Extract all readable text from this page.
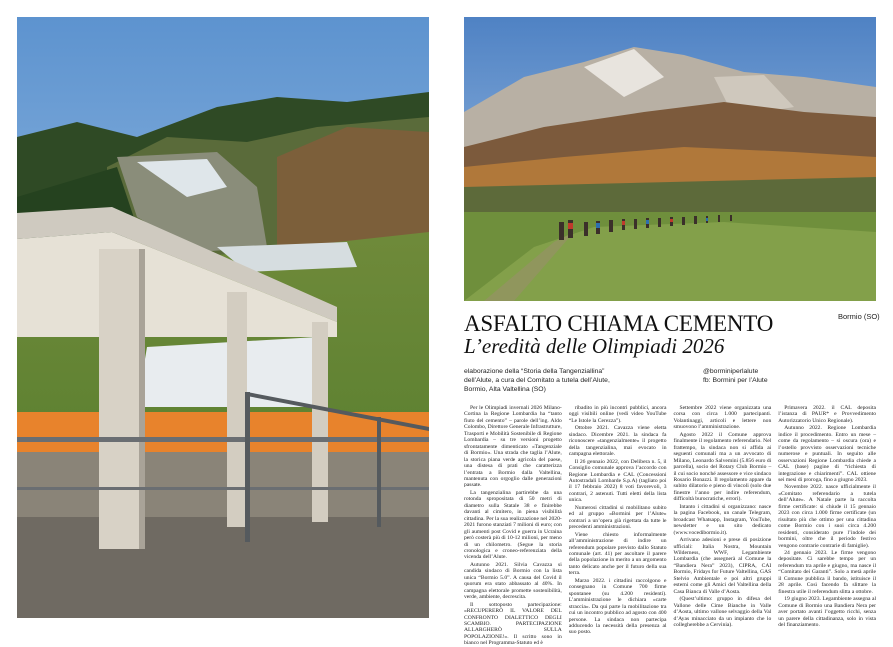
Bormio (SO)
ASFALTO CHIAMA CEMENTO
L’eredità delle Olimpiadi 2026
elaborazione della “Storia della Tangenziallina”
dell’Alute, a cura del Comitato a tutela dell’Alute,
Bormio, Alta Valtellina (SO)
@borminiperlalute
fb: Bormini per l’Alute

Per le Olimpiadi invernali 2026 Milano-Cortina la Regione Lombardia ha “tanto fiuto del cemento” – parole dell’ing. Aldo Colombo, Direttore Generale Infrastrutture, Trasporti e Mobilità Sostenibile di Regione Lombardia – su tre versioni progetto sfrontatamente dimenticato «Tangenziale di Bormio». Una strada che taglia l’Alute, la storica piana verde agricola del paese, una distesa di prati che caratterizza l’entrata a Bormio dalla Valtellina, mantenuta con orgoglio dalle generazioni passate.

La tangenzialina partirebbe da una rotonda spropositata di 50 metri di diametro sulla Statale 38 e finirebbe davanti al cimitero, in piena visibilità cittadina. Per la sua realizzazione nel 2020-2021 furono stanziati 7 milioni di euro; con gli aumenti post Covid e guerra in Ucraina però costerà più di 10-12 milioni, per meno di un chilometro. (Segue la storia cronologica e croneo-referenziata della vicenda dell’Alute.

Autunno 2021. Silvia Cavazza si candida sindaco di Bormio con la lista unica “Bormio 5.0”. A causa del Covid il quorum era stato abbassato al 40%. In campagna elettorale promette sostenibilità, verde, ambiente, decrescita.

Il sottoposto partecipazione: «RECUPERERÒ IL VALORE DEL CONFRONTO DIALETTICO DEGLI SCAMBIO. PARTECIPAZIONE ALLARGHERÒ SULLA POPOLAZIONE!». Il scritto sono in bianco nel Programma-Statuto ed è

ribadito in più incontri pubblici, ancora oggi visibili online (vedi video YouTube “Le Istole la Cerezza”).

Ottobre 2021. Cavazza viene eletta sindaco. Dicembre 2021. la sindaca fa riconoscere «tangenzialmente» il progetto della tangenzialina, mai evocato in campagna elettorale.

Il 26 gennaio 2022, con Delibera n. 5, il Consiglio comunale approva l’accordo con Regione Lombardia e CAL (Concessioni Autostradali Lombarde S.p.A) (tagliato poi il 17 febbraio 2022) 8 voti favorevoli, 3 contrari, 2 astenuti. Tutti eletti della lista unica.

Numerosi cittadini si mobilitano subito ed al gruppo «Bormini per l’Alute» contrari a un’opera già rigettata da tutte le precedenti amministrazioni.

Viene chiesto informalmente all’amministrazione di indire un referendum popolare previsto dallo Statuto comunale (art. 41) per ascoltare il parere della popolazione in merito a un argomento tanto delicato anche per il futuro della sua terra.

Marzo 2022. i cittadini raccolgono e consegnano in Comune 700 firme spontanee (su 4.200 residenti). L’amministrazione le dichiara «carte straccia». Da qui parte la mobilitazione tra cui un incontro pubblico ad agosto con 400 persone. La sindaca non partecipa adducendo la necessità della presenza al suo posto.

Settembre 2022 viene organizzata una corsa con circa 1.000 partecipanti. Volantinaggi, articoli e lettere non smuovono l’amministrazione.

Agosto 2022 il Comune approva finalmente il regolamento referendario. Nel frattempo, la sindaca non si affida ai seguenti comunali ma a un avvocato di Milano, Leonardo Salvemini (5.856 euro di parcella), socio del Rotary Club Bormio – il cui socio nonché assessore e vice sindaco Rosario Bonazzi. Il regolamento appare da subito dilatorio e pieno di vincoli (solo due finestre l’anno per indire referendum, difficoltà burocratiche, errori).

Intanto i cittadini si organizzano: nasce la pagina Facebook, un canale Telegram, broadcast Whatsapp, Instagram, YouTube, newsletter e un sito dedicato (www.vocedibormio.it).

Arrivano adesioni e prese di posizione ufficiali: Italia Nostra, Mountain Wilderness, WWF, Legambiente Lombardia (che assegnerà al Comune la “Bandiera Nera” 2023), CIPRA, CAI Bormio, Fridays for Future Valtellina, GAS Stelvio Ambientale e poi altri gruppi esterni come gli Amici del Valtellina della Casa Bianca di Valle d’Aosta.

(Quest’ultimo: gruppo in difesa del Vallone delle Cime Bianche in Valle d’Aosta, ultimo vallone selvaggio della Val d’Ayas minacciato da un impianto che lo collegherebbe a Cervinia).

Primavera 2022. il CAL deposita l’istanza di PAUR* e Provvedimento Autorizzatorio Unico Regionale).

Autunno 2022. Regione Lombardia indice il procedimento. Entro un mese – come da regolamento – si oscura (ora) e l’ostello provvisto osservazioni tecniche numerose e puntuali. In seguito alle osservazioni Regione Lombardia chiede a CAL (base) pagine di “richiesta di integrazione e chiarimenti”. CAL ottiene sei mesi di proroga, fino a giugno 2023.

Novembre 2022. nasce ufficialmente il «Comitato referendario a tutela dell’Alute». A Natale parte la raccolta firme certificate: si chiude il 15 gennaio 2023 con circa 1.000 firme certificate (un risultato più che ottimo per una cittadina come Bormio con i suoi circa 4.200 residenti, considerato pure l’indole dei bormini, oltre che il periodo festivo vengono contrarie contrarie di famiglie).

24 gennaio 2023. Le firme vengono depositate. Ci sarebbe tempo per un referendum tra aprile e giugno, ma nasce il “Comitato dei Garanti”. Solo a metà aprile il Comune pubblica il bando, istituisce il 28 aprile. Così facendo fa slittare la finestra utile il referendum slitta a ottobre.

19 giugno 2023. Legambiente assegna al Comune di Bormio una Bandiera Nera per aver portato avanti l’oggetto ricchi, senza un parere della cittadinanza, solo in vista del finanziamento.
